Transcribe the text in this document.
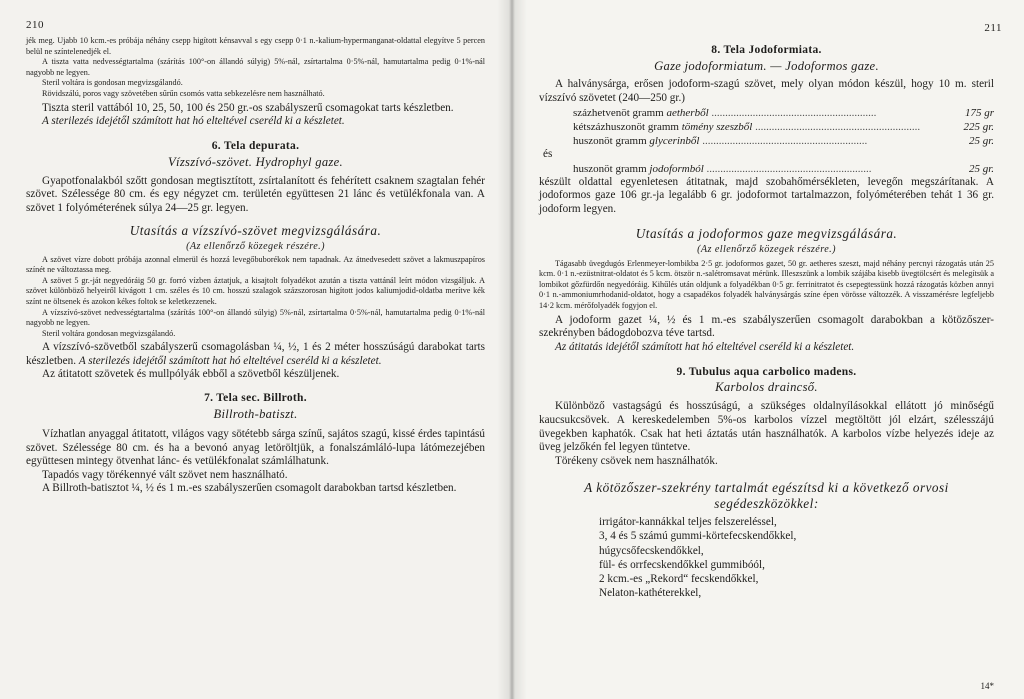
210

jék meg. Ujabb 10 kcm.-es próbája néhány csepp higított kénsavval s egy csepp 0·1 n.-kalium-hypermanganat-oldattal elegyítve 5 percen belül ne színtelenedjék el.

A tiszta vatta nedvességtartalma (szárítás 100°-on állandó súlyig) 5%-nál, zsírtartalma 0·5%-nál, hamutartalma pedig 0·1%-nál nagyobb ne legyen.

Steril voltára is gondosan megvizsgálandó.

Rövidszálú, poros vagy szövetében sűrűn csomós vatta sebkezelésre nem használható.

Tiszta steril vattából 10, 25, 50, 100 és 250 gr.-os szabályszerű csomagokat tarts készletben.

A sterilezés idejétől számított hat hó elteltével cseréld ki a készletet.

6. Tela depurata.

Vízszívó-szövet. Hydrophyl gaze.

Gyapotfonalakból szőtt gondosan megtisztított, zsírtalanított és fehérített csaknem szagtalan fehér szövet. Szélessége 80 cm. és egy négyzet cm. területén együttesen 21 lánc és vetülékfonala van. A szövet 1 folyóméterének súlya 24—25 gr. legyen.

Utasítás a vízszívó-szövet megvizsgálására.

(Az ellenőrző közegek részére.)

A szövet vízre dobott próbája azonnal elmerül és hozzá levegőbuborékok nem tapadnak. Az átnedvesedett szövet a lakmuszpapíros színét ne változtassa meg.

A szövet 5 gr.-ját negyedóráig 50 gr. forró vízben áztatjuk, a kisajtolt folyadékot azután a tiszta vattánál leírt módon vizsgáljuk. A szövet különböző helyeiről kivágott 1 cm. széles és 10 cm. hosszú szalagok százszorosan higított jodos kaliumjodid-oldatba merítve kék színt ne öltsenek és azokon kékes foltok se keletkezzenek.

A vízszívó-szövet nedvességtartalma (szárítás 100°-on állandó súlyig) 5%-nál, zsírtartalma 0·5%-nál, hamutartalma pedig 0·1%-nál nagyobb ne legyen.

Steril voltára gondosan megvizsgálandó.

A vízszívó-szövetből szabályszerű csomagolásban ¼, ½, 1 és 2 méter hosszúságú darabokat tarts készletben. A sterilezés idejétől számított hat hó elteltével cseréld ki a készletet.

Az átitatott szövetek és mullpólyák ebből a szövetből készüljenek.

7. Tela sec. Billroth.

Billroth-batiszt.

Vízhatlan anyaggal átitatott, világos vagy sötétebb sárga színű, sajátos szagú, kissé érdes tapintású szövet. Szélessége 80 cm. és ha a bevonó anyag letöröltjük, a fonalszámláló-lupa látómezejében együttesen mintegy ötvenhat lánc- és vetülékfonalat számlálhatunk.

Tapadós vagy törékennyé vált szövet nem használható.

A Billroth-batisztot ¼, ½ és 1 m.-es szabályszerűen csomagolt darabokban tartsd készletben.

211

8. Tela Jodoformiata.

Gaze jodoformiatum. — Jodoformos gaze.

A halványsárga, erősen jodoform-szagú szövet, mely olyan módon készül, hogy 10 m. steril vízszívó szövetet (240—250 gr.)

százhetvenöt gramm aetherből ............................................................	175 gr
kétszázhuszonöt gramm tömény szeszből ............................................................	225 gr.
huszonöt gramm glycerinből ............................................................	25 gr.

és

huszonöt gramm jodoformból ............................................................	25 gr.

készült oldattal egyenletesen átitatnak, majd szobahőmérsékleten, levegőn megszárítanak. A jodoformos gaze 106 gr.-ja legalább 6 gr. jodoformot tartalmazzon, folyóméterében tehát 1 36 gr. jodoform legyen.

Utasítás a jodoformos gaze megvizsgálására.

(Az ellenőrző közegek részére.)

Tágasabb üvegdugós Erlenmeyer-lombikba 2·5 gr. jodoformos gazet, 50 gr. aetheres szeszt, majd néhány percnyi rázogatás után 25 kcm. 0·1 n.-ezüstnitrat-oldatot és 5 kcm. ötször n.-salétromsavat mérünk. Illeszszünk a lombik szájába kisebb üvegtölcsért és melegítsük a lombikot gőzfürdőn negyedóráig. Kihűlés után oldjunk a folyadékban 0·5 gr. ferrinitratot és csepegtessünk hozzá rázogatás közben annyi 0·1 n.-ammoniumrhodanid-oldatot, hogy a csapadékos folyadék halványsárgás színe épen vörösse változzék. A visszamérésre legfeljebb 14·2 kcm. mérőfolyadék fogyjon el.

A jodoform gazet ¼, ½ és 1 m.-es szabályszerűen csomagolt darabokban a kötözőszer-szekrényben bádogdobozva téve tartsd.

Az átitatás idejétől számított hat hó elteltével cseréld ki a készletet.

9. Tubulus aqua carbolico madens.

Karbolos draincső.

Különböző vastagságú és hosszúságú, a szükséges oldalnyílásokkal ellátott jó minőségű kaucsukcsövek. A kereskedelemben 5%-os karbolos vízzel megtöltött jól elzárt, szélesszájú üvegekben kaphatók. Csak hat heti áztatás után használhatók. A karbolos vízbe helyezés ideje az üveg jelzőkén fel legyen tüntetve.

Törékeny csövek nem használhatók.

A kötözőszer-szekrény tartalmát egészítsd ki a következő orvosi segédeszközökkel:

irrigátor-kannákkal teljes felszereléssel,
3, 4 és 5 számú gummi-körtefecskendőkkel,
húgycsőfecskendőkkel,
fül- és orrfecskendőkkel gummibóól,
2 kcm.-es „Rekord“ fecskendőkkel,
Nelaton-kathéterekkel,
14*
